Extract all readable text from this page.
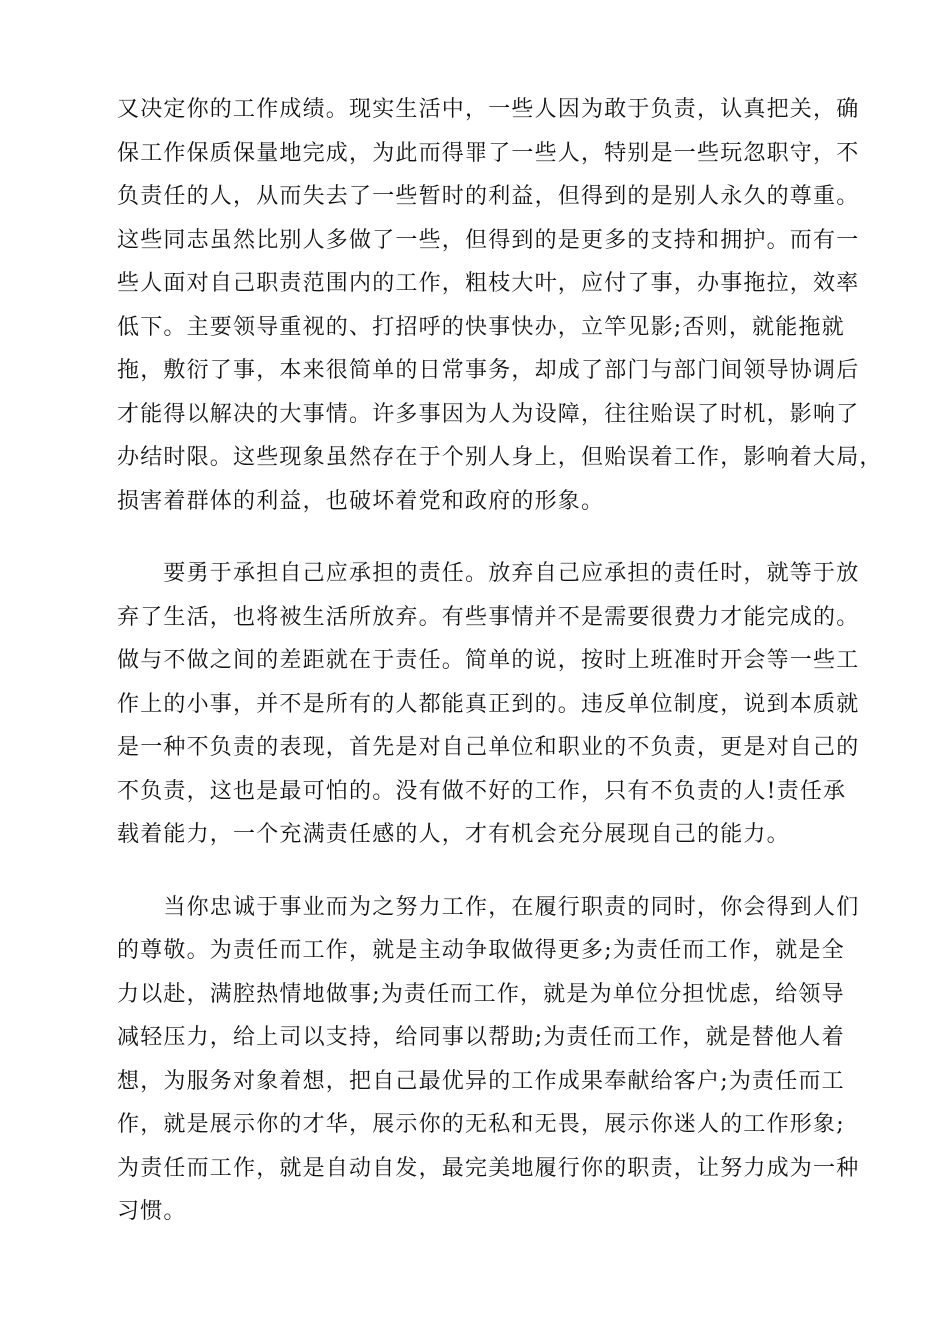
又决定你的工作成绩。现实生活中，一些人因为敢于负责，认真把关，确
保工作保质保量地完成，为此而得罪了一些人，特别是一些玩忽职守，不
负责任的人，从而失去了一些暂时的利益，但得到的是别人永久的尊重。
这些同志虽然比别人多做了一些，但得到的是更多的支持和拥护。而有一
些人面对自己职责范围内的工作，粗枝大叶，应付了事，办事拖拉，效率
低下。主要领导重视的、打招呼的快事快办，立竿见影;否则，就能拖就
拖，敷衍了事，本来很简单的日常事务，却成了部门与部门间领导协调后
才能得以解决的大事情。许多事因为人为设障，往往贻误了时机，影响了
办结时限。这些现象虽然存在于个别人身上，但贻误着工作，影响着大局，
损害着群体的利益，也破坏着党和政府的形象。

　　要勇于承担自己应承担的责任。放弃自己应承担的责任时，就等于放
弃了生活，也将被生活所放弃。有些事情并不是需要很费力才能完成的。
做与不做之间的差距就在于责任。简单的说，按时上班准时开会等一些工
作上的小事，并不是所有的人都能真正到的。违反单位制度，说到本质就
是一种不负责的表现，首先是对自己单位和职业的不负责，更是对自己的
不负责，这也是最可怕的。没有做不好的工作，只有不负责的人!责任承
载着能力，一个充满责任感的人，才有机会充分展现自己的能力。

　　当你忠诚于事业而为之努力工作，在履行职责的同时，你会得到人们
的尊敬。为责任而工作，就是主动争取做得更多;为责任而工作，就是全
力以赴，满腔热情地做事;为责任而工作，就是为单位分担忧虑，给领导
减轻压力，给上司以支持，给同事以帮助;为责任而工作，就是替他人着
想，为服务对象着想，把自己最优异的工作成果奉献给客户;为责任而工
作，就是展示你的才华，展示你的无私和无畏，展示你迷人的工作形象;
为责任而工作，就是自动自发，最完美地履行你的职责，让努力成为一种
习惯。
